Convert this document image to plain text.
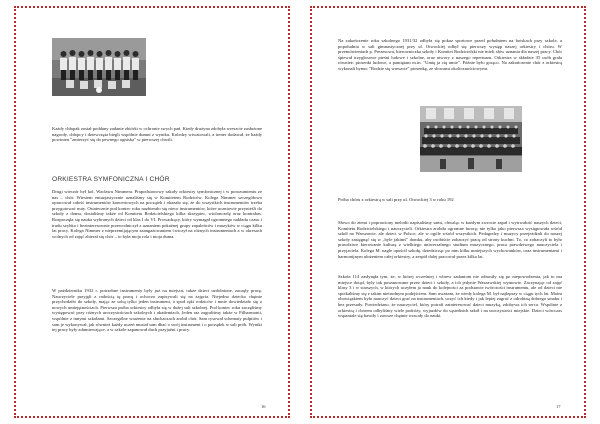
Każdy chłopak został poddany zadanie zbiórki w ochronie swych pań. Kiedy drużyna zdobyła wreszcie zasłużone nagrody, chłopcy i dziewczęta biegli wspólnie dumni z wyniku. Koledzy wiwatowali, a trener dodawał, że każdy powinien "zmierzyć się do pewnego ogniska" w pierwszej chwili.
ORKIESTRA SYMFONICZNA I CHÓR
Drugi wieczór był kol. Wacławu Nimmera. Prapodstawowy szkoły orkiestry symfonicznej i w porozumieniu ze nas – chór. Wiesiem entuzjastycznie uznaliśmy się w Komitetem Rodziców. Kolega Nimmer szczegółowo opracował całość instrumentów koncertowych na początek i okazało się, że do wszystkich instrumentów trzeba przygotować nuty. Ostatecznie pod koniec roku nazbierało się nieco instrumentów, które uczniowie przynieśli do szkoły z domu, dostaliśmy także od Komitetu Rodzicielskiego kilka skrzypiec, wiolonczelę oraz kontrabas. Rozpoczęła się nauka wybranych dzieci od klas I do VI. Prowadzący, który wymagał ogromnego nakładu czasu i trudu szybko i bezinteresownie przewodniczył z uznaniem pokaźnej grupy zapaleńców i muzyków w ciągu kilku lat pracy. Kolega Nimmer z nieprzemijającym zaangażowaniem ćwiczył na różnych instrumentach a w okresach wolnych od zajęć zbierał się chór – to była moja rola i moja duma.
W październiku 1932 r. potrzebne instrumenty były już na miejscu, także dzieci uzdolnione, zaczęły pracę. Nauczyciele przyjęli z radością tę pracę i ochoczo zapisywali się na zajęcia. Niejedno dziecko chętnie przychodziło do szkoły, mając ze sobą tylko jeden instrument, a spod ręki rodziców i mnie dowiedziało się o nowych umiejętnościach. Pierwsza próba orkiestry odbyła się w dużej sali szkolnej. Pod koniec roku zaczęliśmy występować przy różnych uroczystościach szkolnych i akademiach. Jeden raz zagraliśmy także w Filharmonii, wspólnie z innymi szkołami. Szczególne wrażenie na słuchaczach zrobił chór. Sam rysował schematy pulpitów i sam je wykonywał, jak również każdy uczeń musiał sam dbać o swój instrument i o porządek w sali prób. Wyniki tej pracy były zdumiewające, a w szkole zapanował duch przyjaźni i pracy.
16
Na zakończenie roku szkolnego 1931/32 odbyła się pokaz sportowe przed południem na boiskach przy szkole, a popołudniu w sali gimnastycznej przy ul. Otwockiej odbył się pierwszy występ naszej orkiestry i chóru. W przemówieniach p. Prezesowa, kierowniczka szkoły i Komitet Rodzicielski nie mieli słów uznania dla naszej pracy. Chór śpiewał trzygłosowe pieśni ludowe i szkolne, oraz utwory z naszego repertuaru. Orkiestra w składzie 35 osób grała również: piosenki ludowe, a pamiętam m.in. "Umię ja cię umie". Późnie było gorąco. Na zakończenie chór z orkiestrą wykonali hymn: "Rodzie się wreszcie" piosenkę, ze słowami okolicznościowymi.
Próba chóru z orkiestrą w sali przy ul. Otwockiej 3 w roku 192
Słowo do ziemi i poprawiony melodii napisaliśmy sami, chwaląc w każdym zwrocie zapał i wytrwałość naszych dzieci, Komitetu Rodzicielskiego i nauczycieli. Orkiestra zrobiła ogromne furorę; nie tylko jako pierwsza występowała wśród szkół na Warszawie, ale dzieci w Polsce, ale w ogóle wśród wszystkich. Pedagodzy i muzycy przejeżdżali do naszej szkoły zasięgnąć się w „byle jakimś" domku, aby osobiście zobaczyć pracę od strony kuchni. To, co zobaczyli to było prawdziwe kierowanie kulturą z wielkiego uniwersalnego studium muzycznego, praca prawdziwego nauczyciela i przyjaciela. Kolega M. nagle opuścił szkołę, dziedzicząc po nim kilku mniejszych wychowanków, oraz instrumentami i harmonijnym ułożeniem całej orkiestry, a zespół dalej pracował przez kilka lat.
Szkoła 114 zasłynęła tym, że, w której wcześniej i wbrew zadaniom nie odnosiły się po niepowodzenia, jak to ma miejsce dotąd, były tak poszanowane przez dzieci i szkoły, a ich jedynie Waszawskiej wymowie. Zaczynając od zajęć klasy 3 i w starszych, w których uczyłem ja nauk do kolejności za podstawie twórczości instrumentu, ale od dzieci nie spotkaliśmy się z takim nietrudnym podejściem. Sam uważam, że wtedy kolega M. był najlepszy w ciągu tych lat. Moim obowiązkiem było nauczyć dzieci grać na instrumentach, uczyć ich kiedy i jak lepiej zagrać z odrobiną dobrego smaku i bez przesady. Powiedziano, że nauczyciel, który potrafi zainteresować dzieci muzyką, zdobywa ich serca. Wspólnie z orkiestrą i chórem odbyliśmy wiele podróży, wyjazdów do sąsiednich szkół i na uroczystości miejskie. Dzieci wówczas wspaniale się bawiły i zawsze chętnie wracały do nauki.
17
